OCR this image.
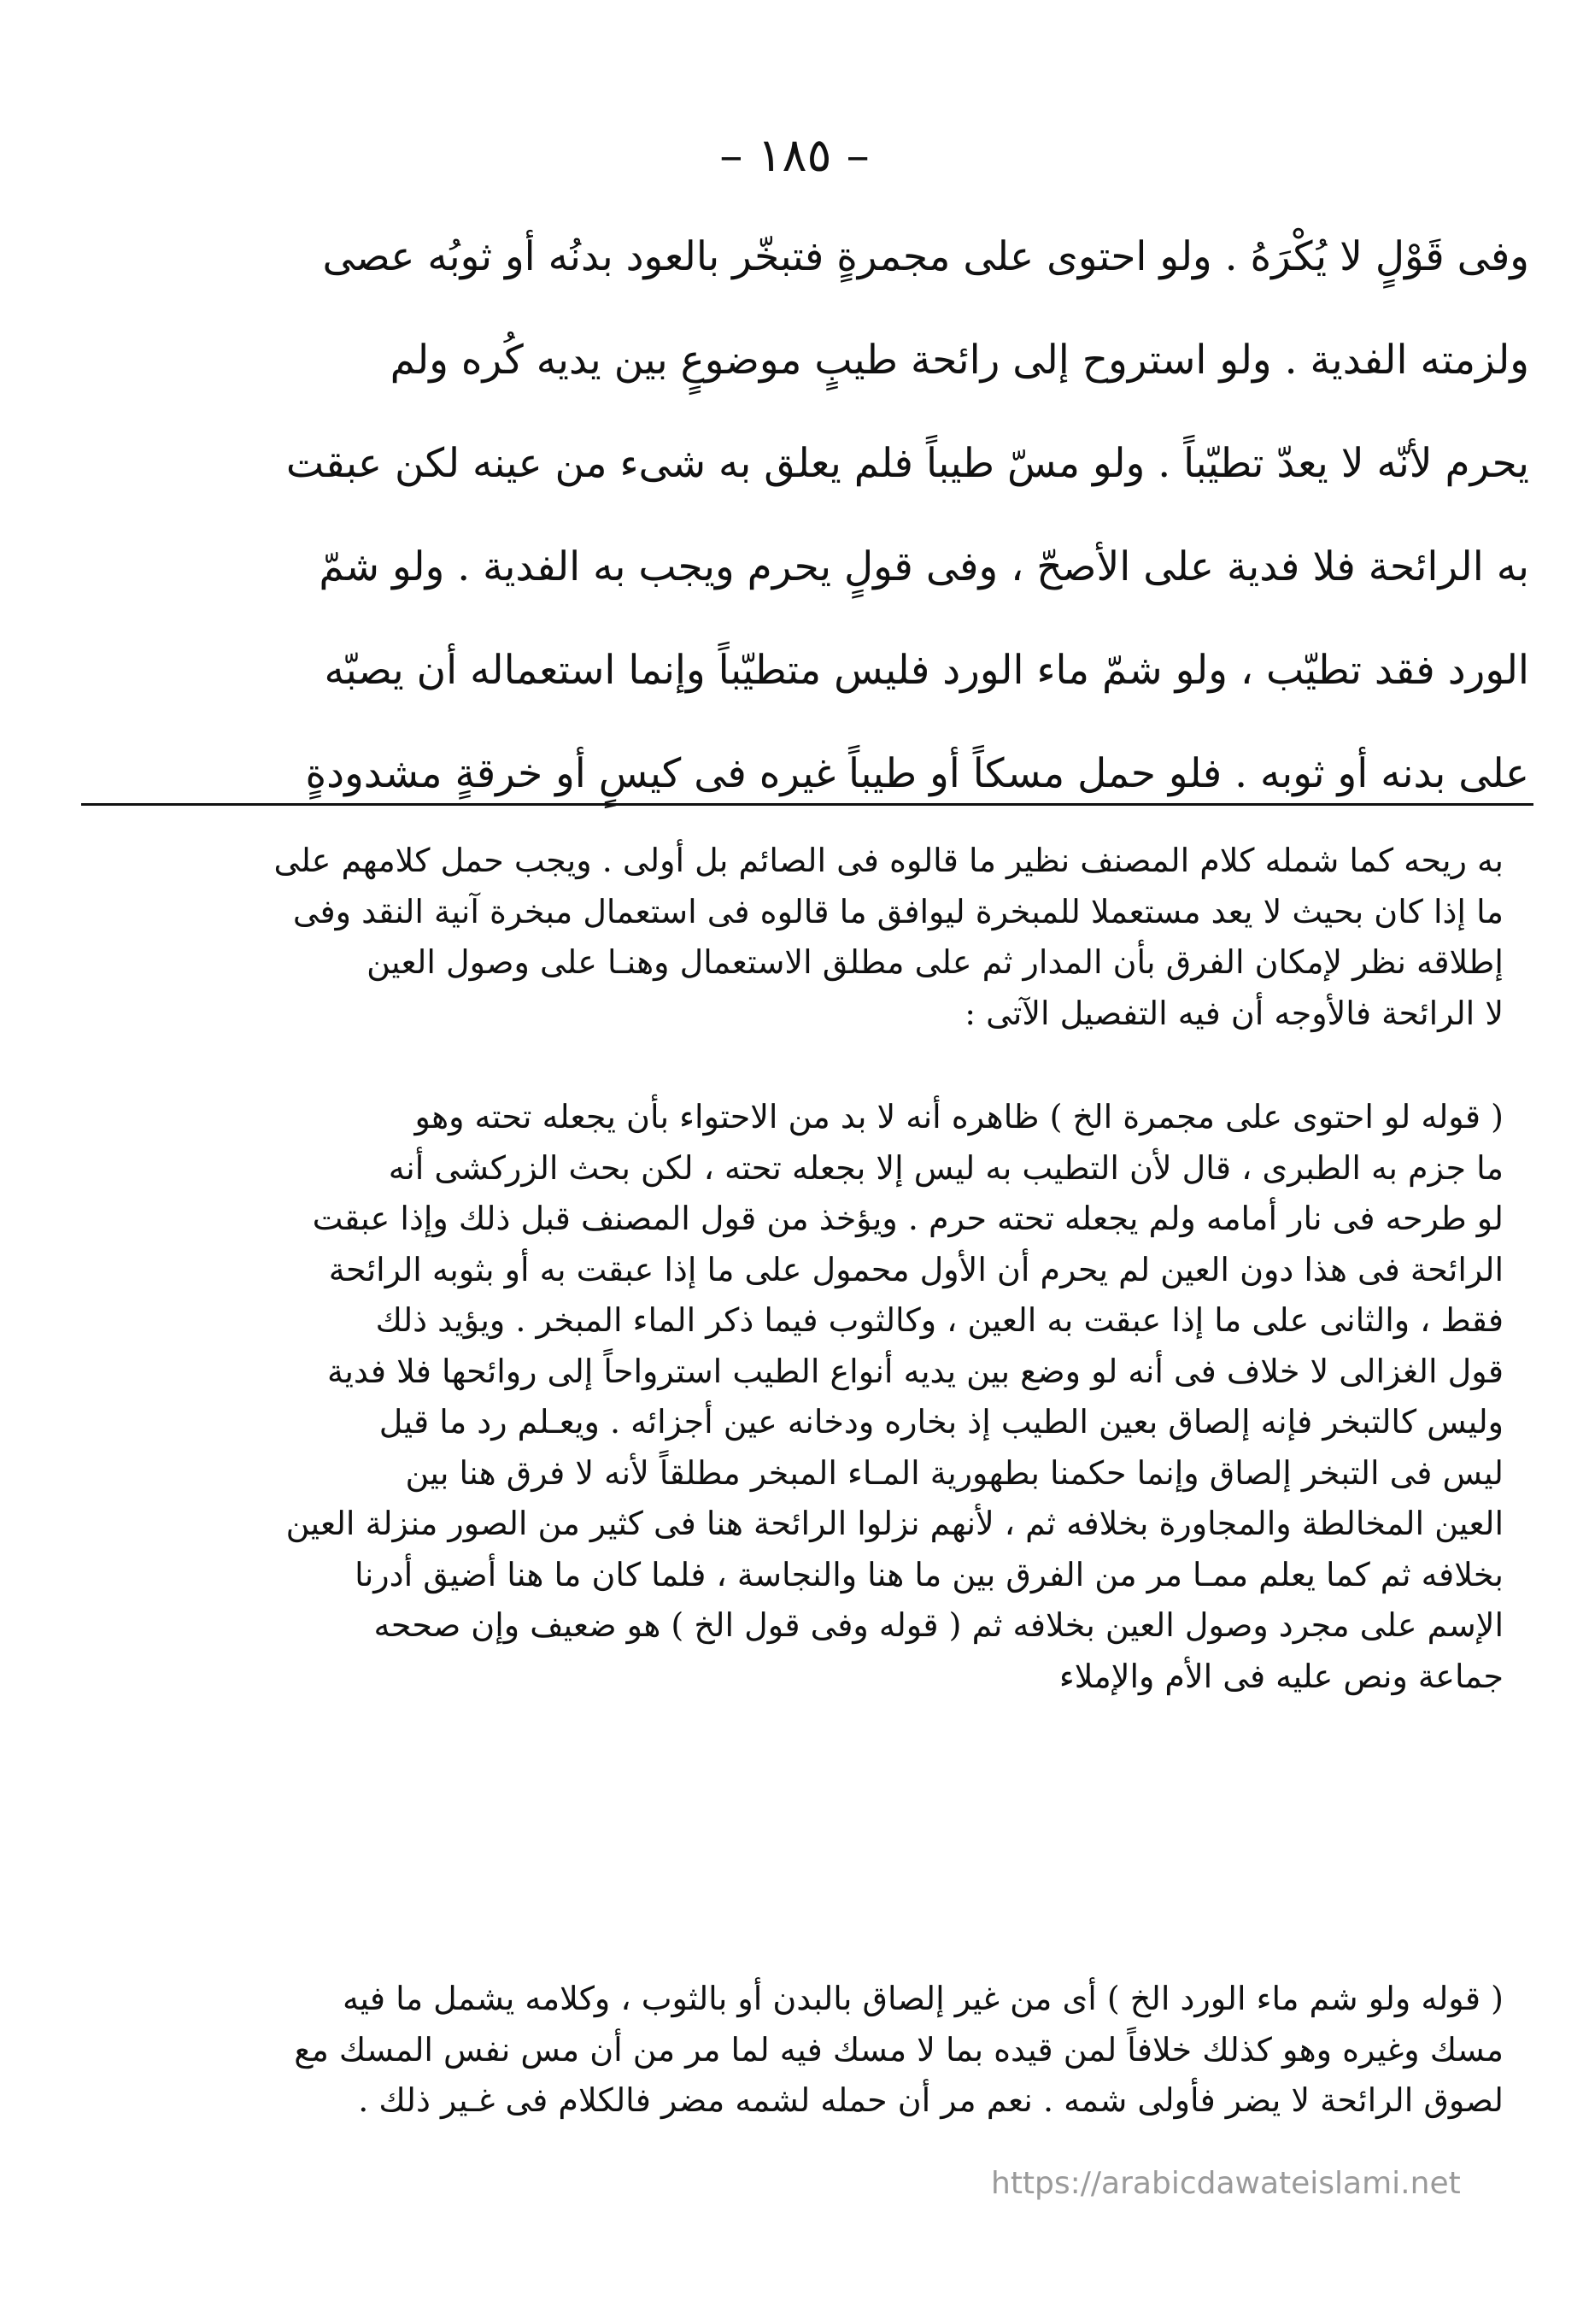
– ١٨٥ –
وفى قَوْلٍ لا يُكْرَهُ . ولو احتوى على مجمرةٍ فتبخّر بالعود بدنُه أو ثوبُه عصى
ولزمته الفدية . ولو استروح إلى رائحة طيبٍ موضوعٍ بين يديه كُره ولم
يحرم لأنّه لا يعدّ تطيّباً . ولو مسّ طيباً فلم يعلق به شىء من عينه لكن عبقت
به الرائحة فلا فدية على الأصحّ ، وفى قولٍ يحرم ويجب به الفدية . ولو شمّ
الورد فقد تطيّب ، ولو شمّ ماء الورد فليس متطيّباً وإنما استعماله أن يصبّه
على بدنه أو ثوبه . فلو حمل مسكاً أو طيباً غيره فى كيسٍ أو خرقةٍ مشدودةٍ
به ريحه كما شمله كلام المصنف نظير ما قالوه فى الصائم بل أولى . ويجب حمل كلامهم على
ما إذا كان بحيث لا يعد مستعملا للمبخرة ليوافق ما قالوه فى استعمال مبخرة آنية النقد وفى
إطلاقه نظر لإمكان الفرق بأن المدار ثم على مطلق الاستعمال وهنـا على وصول العين
لا الرائحة فالأوجه أن فيه التفصيل الآتى :
( قوله لو احتوى على مجمرة الخ ) ظاهره أنه لا بد من الاحتواء بأن يجعله تحته وهو
ما جزم به الطبرى ، قال لأن التطيب به ليس إلا بجعله تحته ، لكن بحث الزركشى أنه
لو طرحه فى نار أمامه ولم يجعله تحته حرم . ويؤخذ من قول المصنف قبل ذلك وإذا عبقت
الرائحة فى هذا دون العين لم يحرم أن الأول محمول على ما إذا عبقت به أو بثوبه الرائحة
فقط ، والثانى على ما إذا عبقت به العين ، وكالثوب فيما ذكر الماء المبخر . ويؤيد ذلك
قول الغزالى لا خلاف فى أنه لو وضع بين يديه أنواع الطيب استرواحاً إلى روائحها فلا فدية
وليس كالتبخر فإنه إلصاق بعين الطيب إذ بخاره ودخانه عين أجزائه . ويعـلم رد ما قيل
ليس فى التبخر إلصاق وإنما حكمنا بطهورية المـاء المبخر مطلقاً لأنه لا فرق هنا بين
العين المخالطة والمجاورة بخلافه ثم ، لأنهم نزلوا الرائحة هنا فى كثير من الصور منزلة العين
بخلافه ثم كما يعلم ممـا مر من الفرق بين ما هنا والنجاسة ، فلما كان ما هنا أضيق أدرنا
الإسم على مجرد وصول العين بخلافه ثم ( قوله وفى قول الخ ) هو ضعيف وإن صححه
جماعة ونص عليه فى الأم والإملاء
( قوله ولو شم ماء الورد الخ ) أى من غير إلصاق بالبدن أو بالثوب ، وكلامه يشمل ما فيه
مسك وغيره وهو كذلك خلافاً لمن قيده بما لا مسك فيه لما مر من أن مس نفس المسك مع
لصوق الرائحة لا يضر فأولى شمه . نعم مر أن حمله لشمه مضر فالكلام فى غـير ذلك .
https://arabicdawateislami.net
